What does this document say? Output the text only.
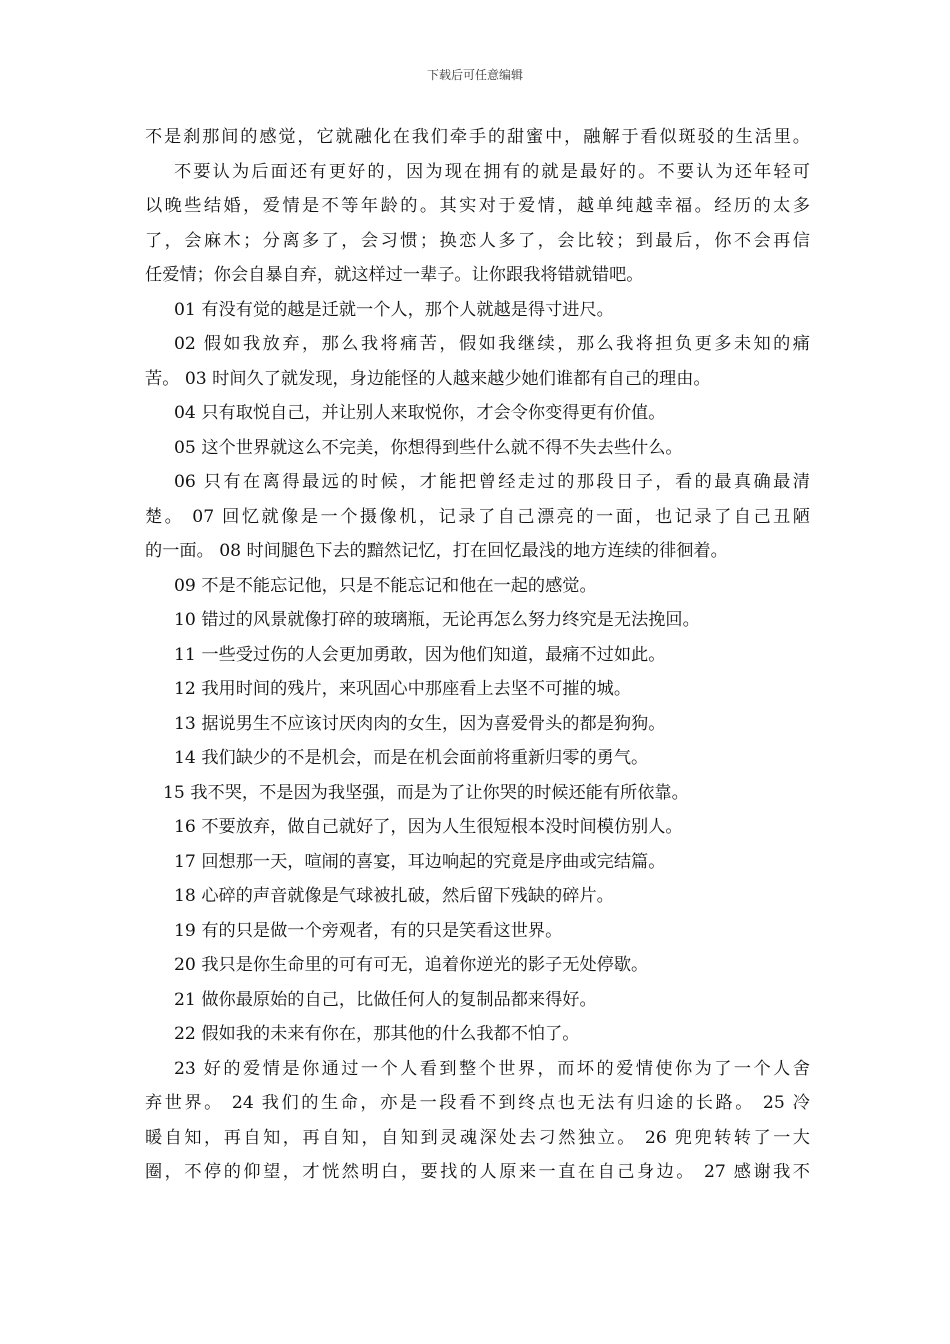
下载后可任意编辑
不是刹那间的感觉，它就融化在我们牵手的甜蜜中，融解于看似斑驳的生活里。
不要认为后面还有更好的，因为现在拥有的就是最好的。不要认为还年轻可
以晚些结婚，爱情是不等年龄的。其实对于爱情，越单纯越幸福。经历的太多
了，会麻木；分离多了，会习惯；换恋人多了，会比较；到最后，你不会再信
任爱情；你会自暴自弃，就这样过一辈子。让你跟我将错就错吧。
01 有没有觉的越是迁就一个人，那个人就越是得寸进尺。
02 假如我放弃，那么我将痛苦，假如我继续，那么我将担负更多未知的痛
苦。 03 时间久了就发现，身边能怪的人越来越少她们谁都有自己的理由。
04 只有取悦自己，并让别人来取悦你，才会令你变得更有价值。
05 这个世界就这么不完美，你想得到些什么就不得不失去些什么。
06 只有在离得最远的时候，才能把曾经走过的那段日子，看的最真确最清
楚。 07 回忆就像是一个摄像机，记录了自己漂亮的一面，也记录了自己丑陋
的一面。 08 时间腿色下去的黯然记忆，打在回忆最浅的地方连续的徘徊着。
09 不是不能忘记他，只是不能忘记和他在一起的感觉。
10 错过的风景就像打碎的玻璃瓶，无论再怎么努力终究是无法挽回。
11 一些受过伤的人会更加勇敢，因为他们知道，最痛不过如此。
12 我用时间的残片，来巩固心中那座看上去坚不可摧的城。
13 据说男生不应该讨厌肉肉的女生，因为喜爱骨头的都是狗狗。
14 我们缺少的不是机会，而是在机会面前将重新归零的勇气。
15 我不哭，不是因为我坚强，而是为了让你哭的时候还能有所依靠。
16 不要放弃，做自己就好了，因为人生很短根本没时间模仿别人。
17 回想那一天，喧闹的喜宴，耳边响起的究竟是序曲或完结篇。
18 心碎的声音就像是气球被扎破，然后留下残缺的碎片。
19 有的只是做一个旁观者，有的只是笑看这世界。
20 我只是你生命里的可有可无，追着你逆光的影子无处停歇。
21 做你最原始的自己，比做任何人的复制品都来得好。
22 假如我的未来有你在，那其他的什么我都不怕了。
23 好的爱情是你通过一个人看到整个世界，而坏的爱情使你为了一个人舍
弃世界。 24 我们的生命，亦是一段看不到终点也无法有归途的长路。 25 冷
暖自知，再自知，再自知，自知到灵魂深处去刁然独立。 26 兜兜转转了一大
圈，不停的仰望，才恍然明白，要找的人原来一直在自己身边。 27 感谢我不
